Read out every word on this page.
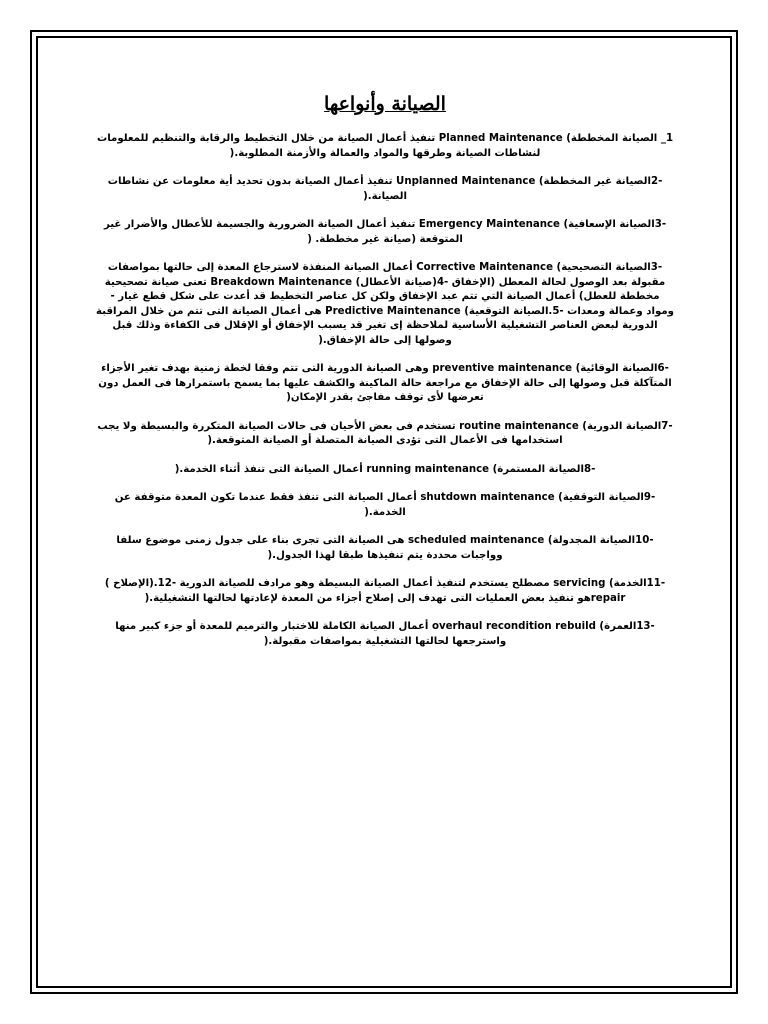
الصيانة وأنواعها

1_ الصيانة المخططة) Planned Maintenance تنفيذ أعمال الصيانة من خلال التخطيط والرقابة والتنظيم للمعلومات لنشاطات الصيانة وطرقها والمواد والعمالة والأزمنة المطلوبة.(

-2الصيانة غير المخططة) Unplanned Maintenance تنفيذ أعمال الصيانة بدون تحديد أية معلومات عن نشاطات الصيانة.(

-3الصيانة الإسعافية) Emergency Maintenance تنفيذ أعمال الصيانة الضرورية والجسيمة للأعطال والأضرار غير المتوقعة (صيانة غير مخططة. (

-3الصيانة التصحيحية) Corrective Maintenance أعمال الصيانة المنفذة لاسترجاع المعدة إلى حالتها بمواصفات مقبولة بعد الوصول لحالة المعطل (الإخفاق -4(صيانة الأعطال) Breakdown Maintenance تعنى صيانة تصحيحية مخططة للعطل) أعمال الصيانة التي تتم عبد الإخفاق ولكن كل عناصر التخطيط قد أعدت على شكل قطع غيار - ومواد وعمالة ومعدات -5.الصيانة التوقعية) Predictive Maintenance هى أعمال الصيانة التى تتم من خلال المراقبة الدورية لبعض العناصر التشغيلية الأساسية لملاحظة إى تغير قد يسبب الإخفاق أو الإقلال فى الكفاءة وذلك قبل وصولها إلى حالة الإخفاق.(

-6الصيانة الوقائية) preventive maintenance وهى الصيانة الدورية التى تتم وفقا لخطة زمنية بهدف تغير الأجزاء المتآكلة قبل وصولها إلى حالة الإخفاق مع مراجعة حالة الماكينة والكشف عليها بما يسمح باستمرارها فى العمل دون تعرضها لأى توقف مفاجئ بقدر الإمكان(

-7الصيانة الدورية) routine maintenance تستخدم فى بعض الأحيان فى حالات الصيانة المتكررة والبسيطة ولا يجب استخدامها فى الأعمال التى تؤدى الصيانة المتصلة أو الصيانة المتوقعة.(

-8الصيانة المستمرة) running maintenance أعمال الصيانة التى تنفذ أثناء الخدمة.(

-9الصيانة التوقفية) shutdown maintenance أعمال الصيانة التى تنفذ فقط عندما تكون المعدة متوقفة عن الخدمة.(

-10الصيانة المجدولة) scheduled maintenance هى الصيانة التى تجرى بناء على جدول زمنى موضوع سلفا وواجبات محددة يتم تنفيذها طبقا لهذا الجدول.(

-11الخدمة) servicing مصطلح يستخدم لتنفيذ أعمال الصيانة البسيطة وهو مرادف للصيانة الدورية -12.(الإصلاح ) repairهو تنفيذ بعض العمليات التى تهدف إلى إصلاح أجزاء من المعدة لإعادتها لحالتها التشغيلية.(

-13العمرة) overhaul recondition rebuild أعمال الصيانة الكاملة للاختبار والترميم للمعدة أو جزء كبير منها واسترجعها لحالتها التشغيلية بمواصفات مقبولة.(
